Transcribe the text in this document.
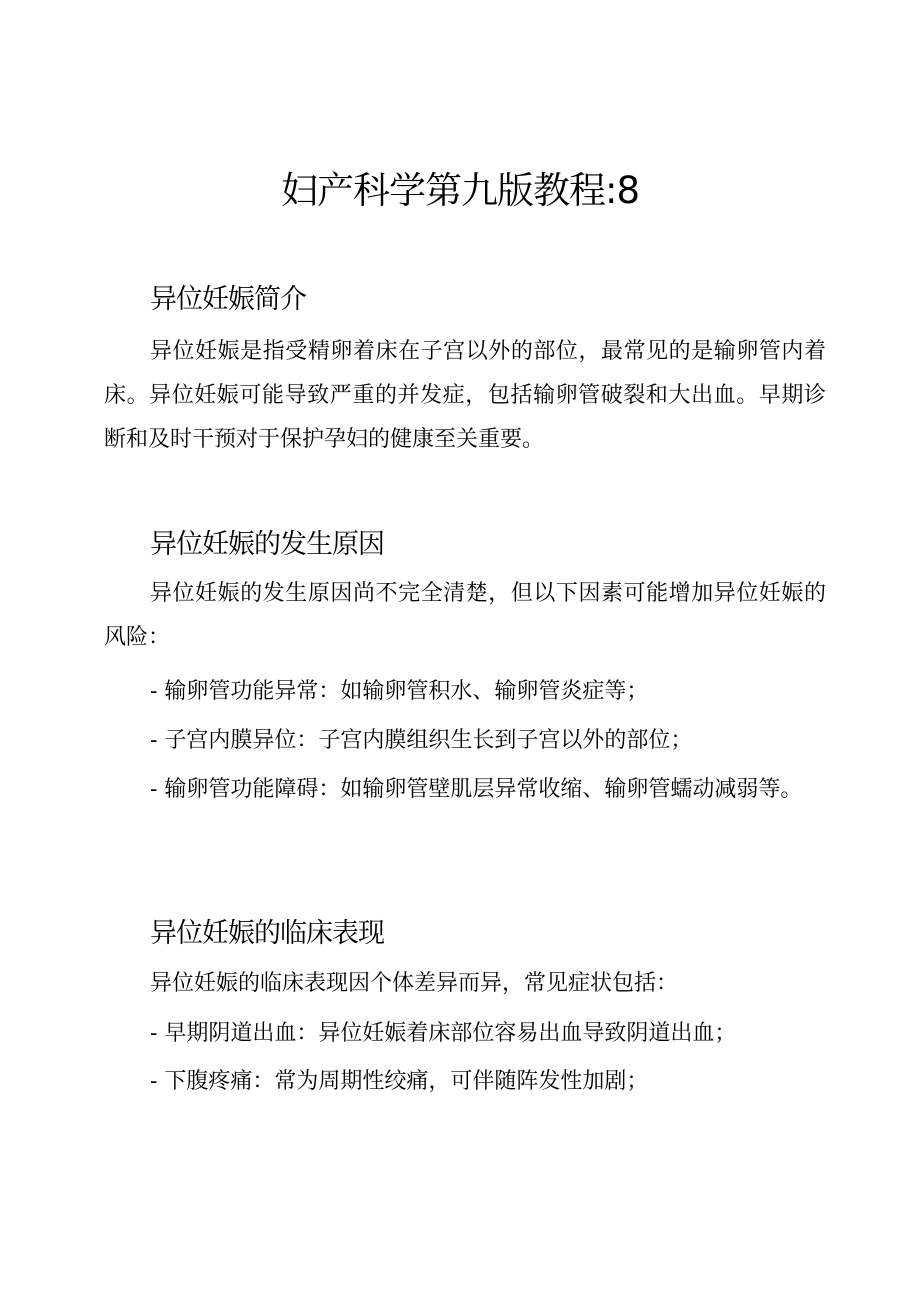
妇产科学第九版教程:8
异位妊娠简介

异位妊娠是指受精卵着床在子宫以外的部位，最常见的是输卵管内着床。异位妊娠可能导致严重的并发症，包括输卵管破裂和大出血。早期诊断和及时干预对于保护孕妇的健康至关重要。

异位妊娠的发生原因

异位妊娠的发生原因尚不完全清楚，但以下因素可能增加异位妊娠的风险：

- 输卵管功能异常：如输卵管积水、输卵管炎症等；

- 子宫内膜异位：子宫内膜组织生长到子宫以外的部位；

- 输卵管功能障碍：如输卵管壁肌层异常收缩、输卵管蠕动减弱等。

异位妊娠的临床表现

异位妊娠的临床表现因个体差异而异，常见症状包括：

- 早期阴道出血：异位妊娠着床部位容易出血导致阴道出血；

- 下腹疼痛：常为周期性绞痛，可伴随阵发性加剧；
